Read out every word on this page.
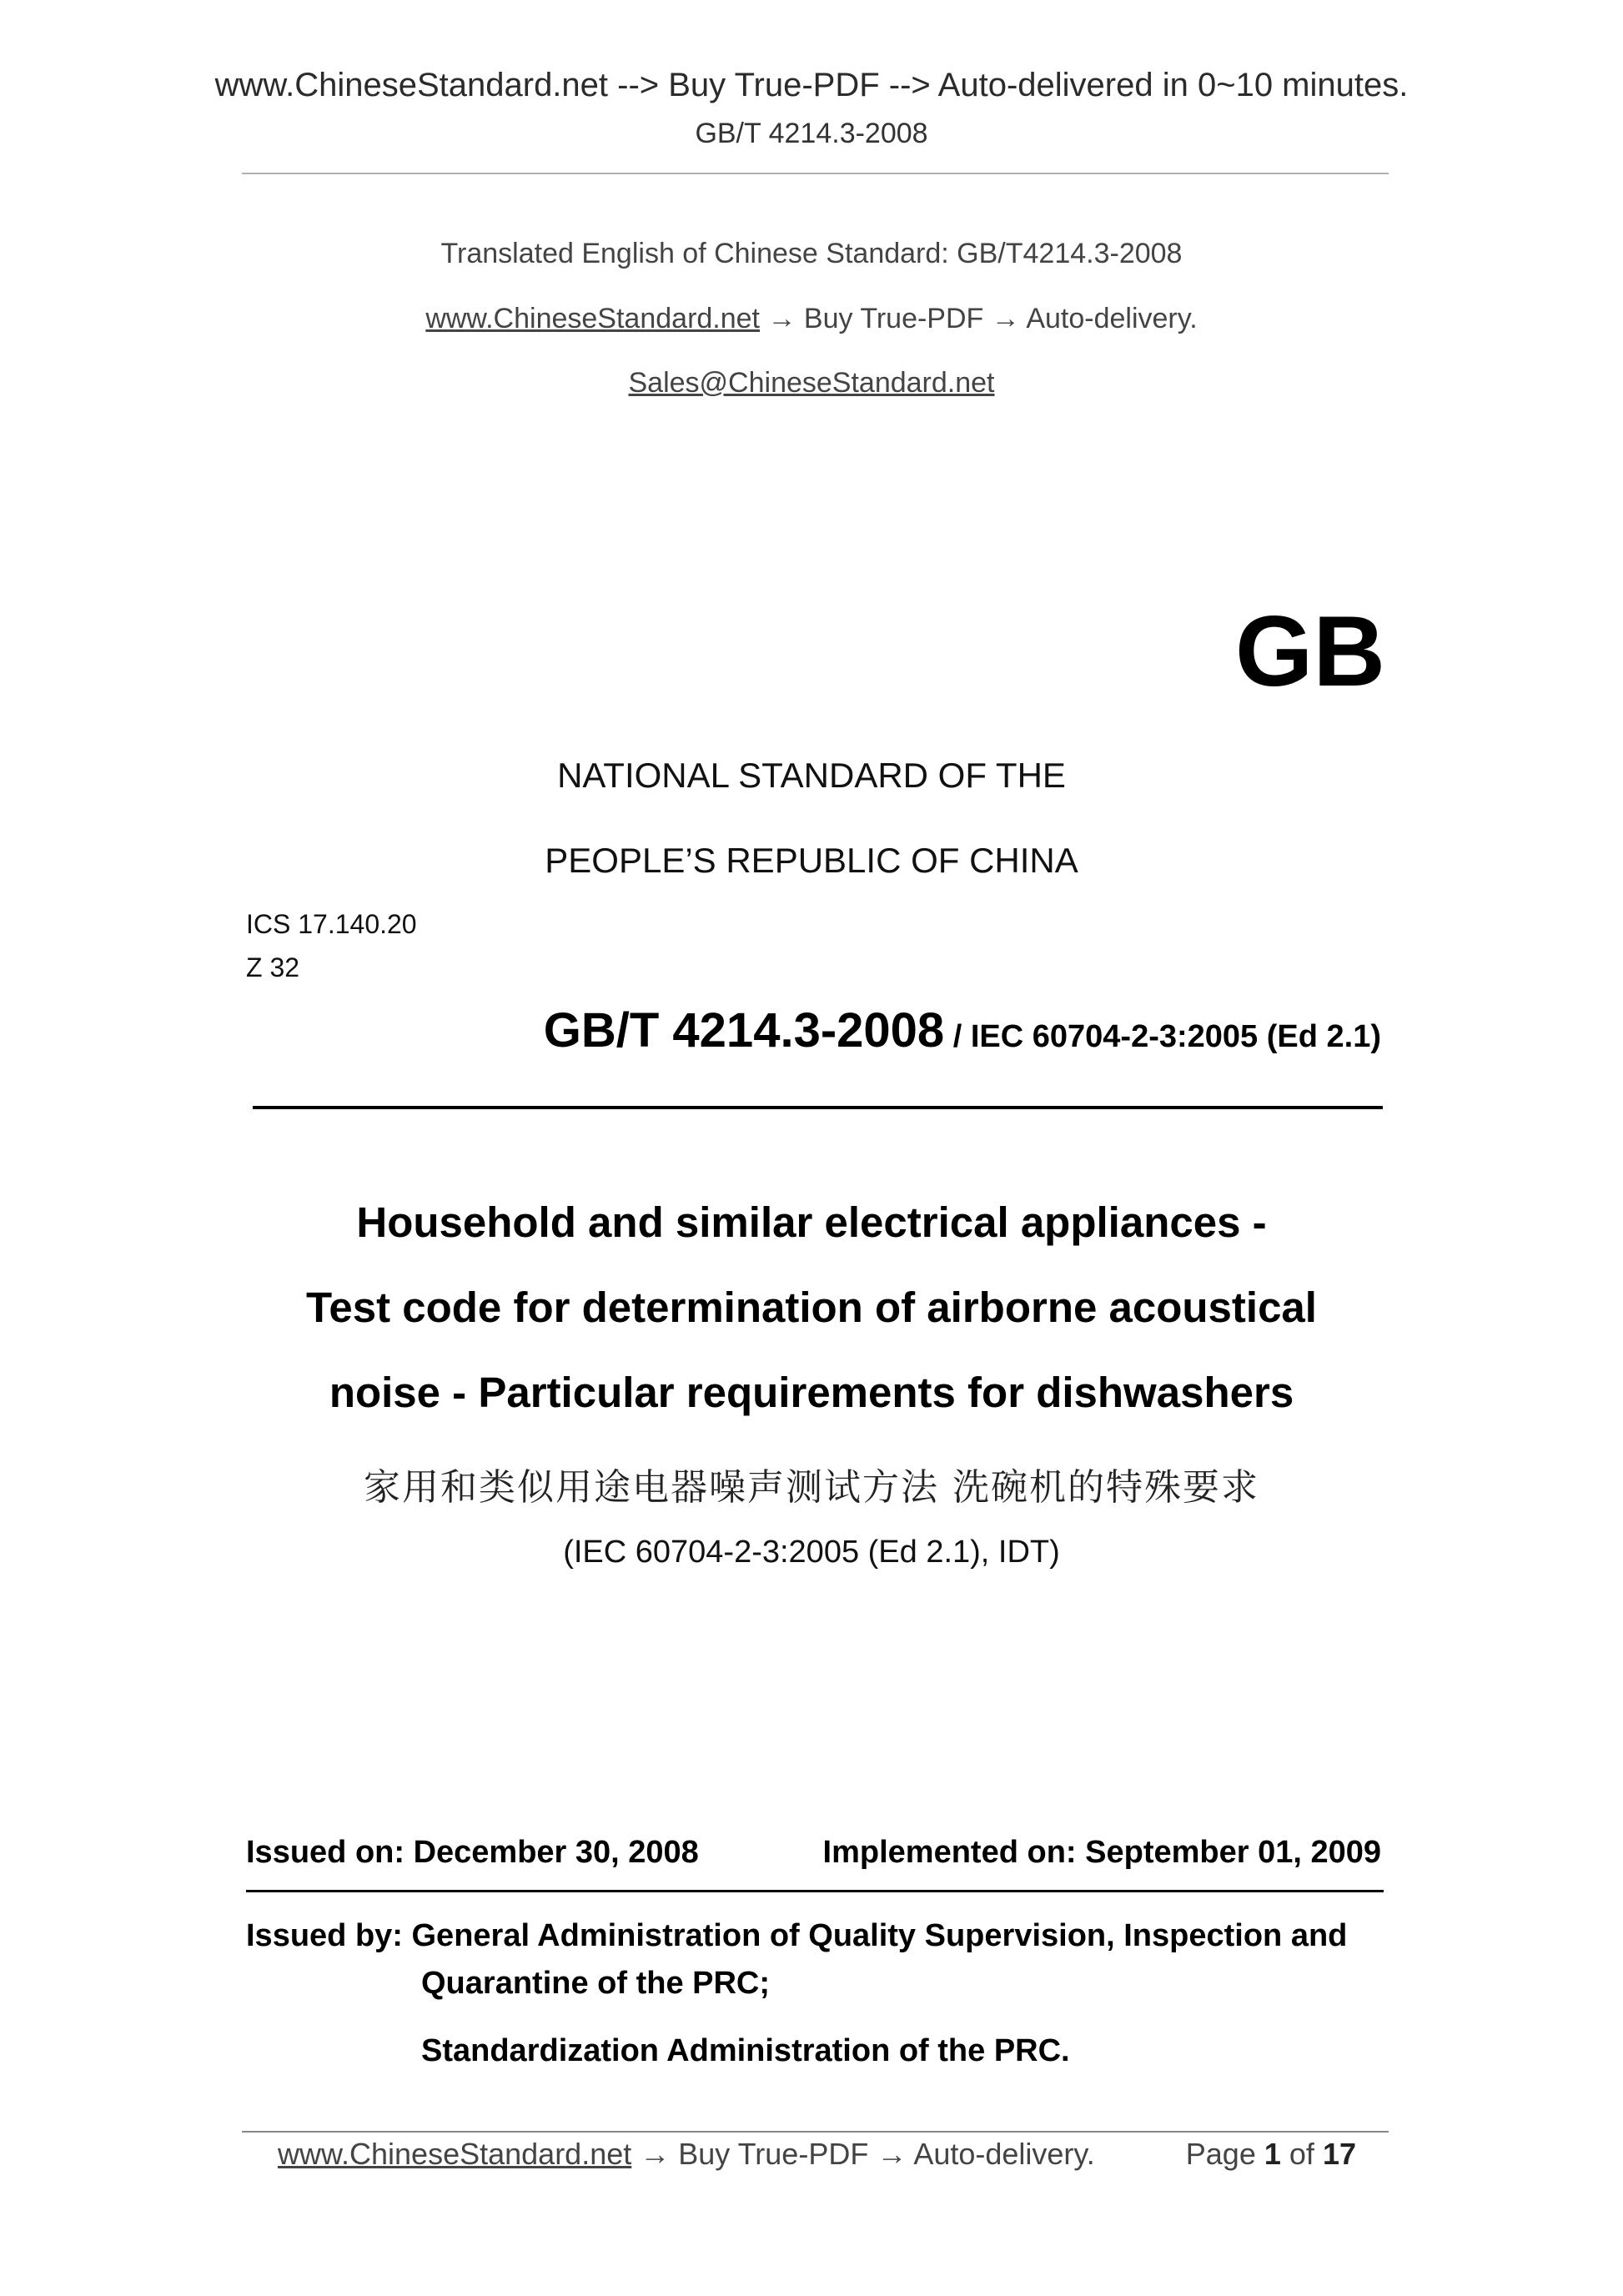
www.ChineseStandard.net --> Buy True-PDF --> Auto-delivered in 0~10 minutes.
GB/T 4214.3-2008
Translated English of Chinese Standard: GB/T4214.3-2008
www.ChineseStandard.net → Buy True-PDF → Auto-delivery.
Sales@ChineseStandard.net
GB
NATIONAL STANDARD OF THE
PEOPLE’S REPUBLIC OF CHINA
ICS 17.140.20
Z 32
GB/T 4214.3-2008 / IEC 60704-2-3:2005 (Ed 2.1)
Household and similar electrical appliances -
Test code for determination of airborne acoustical
noise - Particular requirements for dishwashers
家用和类似用途电器噪声测试方法 洗碗机的特殊要求
(IEC 60704-2-3:2005 (Ed 2.1), IDT)
Issued on: December 30, 2008	Implemented on: September 01, 2009
Issued by: General Administration of Quality Supervision, Inspection and
Quarantine of the PRC;
Standardization Administration of the PRC.
www.ChineseStandard.net → Buy True-PDF → Auto-delivery.	Page 1 of 17
